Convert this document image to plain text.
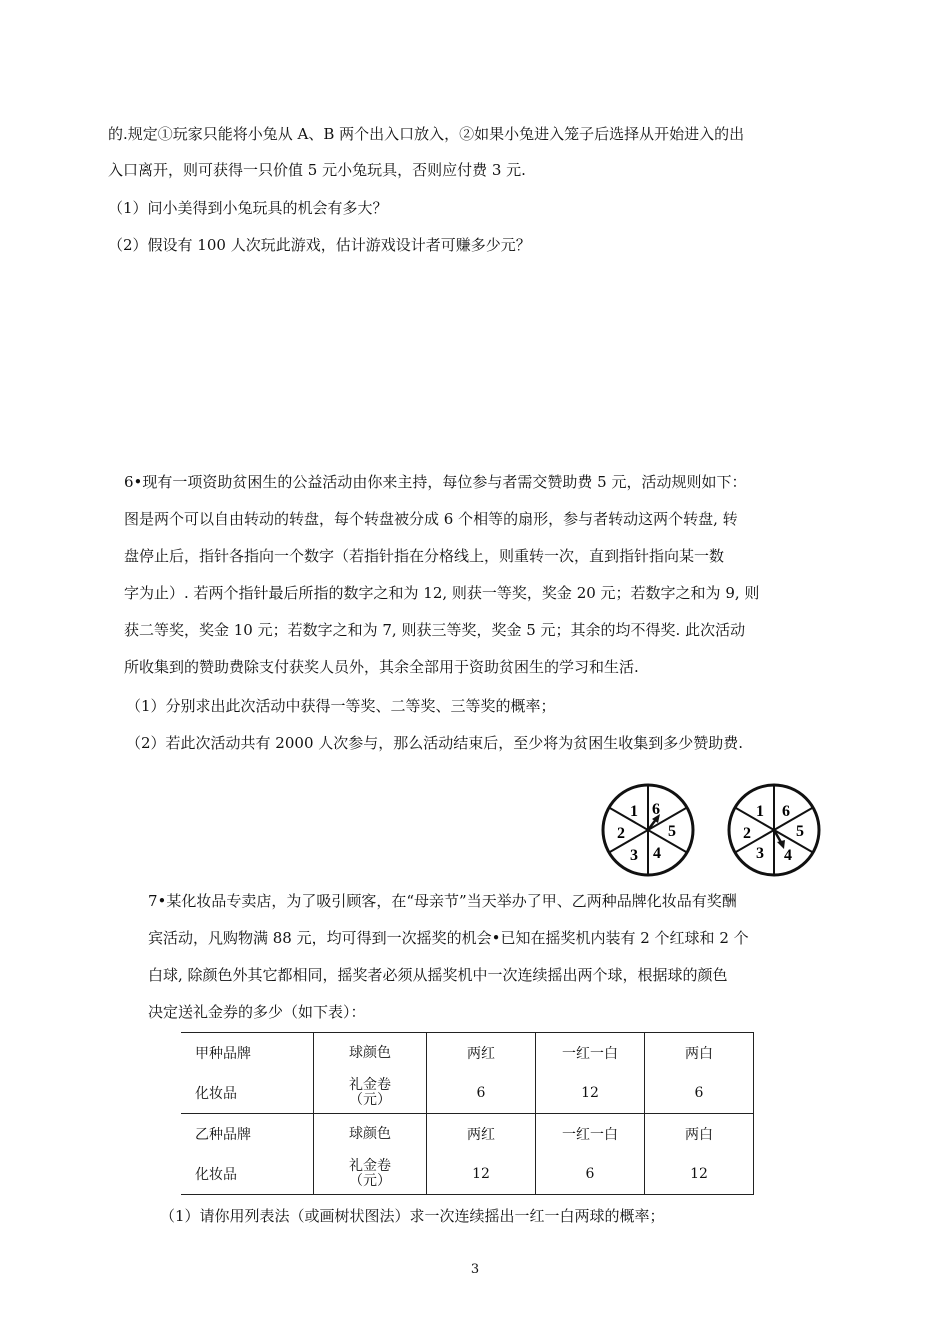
的.规定①玩家只能将小兔从 A、B 两个出入口放入，②如果小兔进入笼子后选择从开始进入的出
入口离开，则可获得一只价值 5 元小兔玩具，否则应付费 3 元.
（1）问小美得到小兔玩具的机会有多大？
（2）假设有 100 人次玩此游戏，估计游戏设计者可赚多少元？
6•现有一项资助贫困生的公益活动由你来主持，每位参与者需交赞助费 5 元，活动规则如下：
图是两个可以自由转动的转盘，每个转盘被分成 6 个相等的扇形，参与者转动这两个转盘, 转
盘停止后，指针各指向一个数字（若指针指在分格线上，则重转一次，直到指针指向某一数
字为止）. 若两个指针最后所指的数字之和为 12, 则获一等奖，奖金 20 元；若数字之和为 9, 则
获二等奖，奖金 10 元；若数字之和为 7, 则获三等奖，奖金 5 元；其余的均不得奖. 此次活动
所收集到的赞助费除支付获奖人员外，其余全部用于资助贫困生的学习和生活.
（1）分别求出此次活动中获得一等奖、二等奖、三等奖的概率；
（2）若此次活动共有 2000 人次参与，那么活动结束后，至少将为贫困生收集到多少赞助费.
1 6
5
4
3
2
1 6
5
4
3
2
7•某化妆品专卖店，为了吸引顾客，在“母亲节”当天举办了甲、乙两种品牌化妆品有奖酬
宾活动，凡购物满 88 元，均可得到一次摇奖的机会•已知在摇奖机内装有 2 个红球和 2 个
白球, 除颜色外其它都相同，摇奖者必须从摇奖机中一次连续摇出两个球，根据球的颜色
决定送礼金券的多少（如下表）：
甲种品牌	球颜色	两红	一红一白	两白
化妆品	礼金卷
（元）	6	12	6
乙种品牌	球颜色	两红	一红一白	两白
化妆品	礼金卷
（元）	12	6	12
（1）请你用列表法（或画树状图法）求一次连续摇出一红一白两球的概率；
3
